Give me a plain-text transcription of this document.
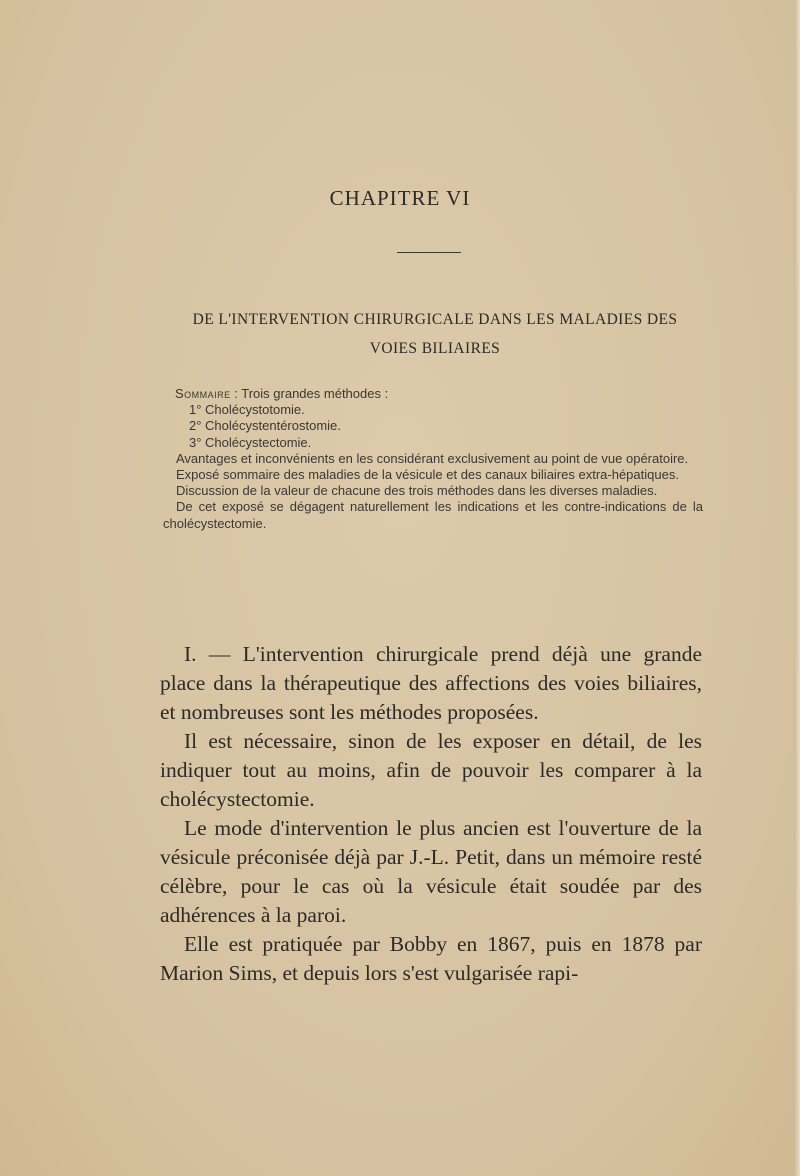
CHAPITRE VI
DE L'INTERVENTION CHIRURGICALE DANS LES MALADIES DES
VOIES BILIAIRES
Sommaire : Trois grandes méthodes :
1° Cholécystotomie.
2° Cholécystentérostomie.
3° Cholécystectomie.
Avantages et inconvénients en les considérant exclusivement au point de vue opératoire.
Exposé sommaire des maladies de la vésicule et des canaux biliaires extra-hépatiques.
Discussion de la valeur de chacune des trois méthodes dans les diverses maladies.
De cet exposé se dégagent naturellement les indications et les contre-indications de la cholécystectomie.

I. — L'intervention chirurgicale prend déjà une grande place dans la thérapeutique des affections des voies biliaires, et nombreuses sont les méthodes proposées.

Il est nécessaire, sinon de les exposer en détail, de les indiquer tout au moins, afin de pouvoir les comparer à la cholécystectomie.

Le mode d'intervention le plus ancien est l'ouverture de la vésicule préconisée déjà par J.-L. Petit, dans un mémoire resté célèbre, pour le cas où la vésicule était soudée par des adhérences à la paroi.

Elle est pratiquée par Bobby en 1867, puis en 1878 par Marion Sims, et depuis lors s'est vulgarisée rapi-
